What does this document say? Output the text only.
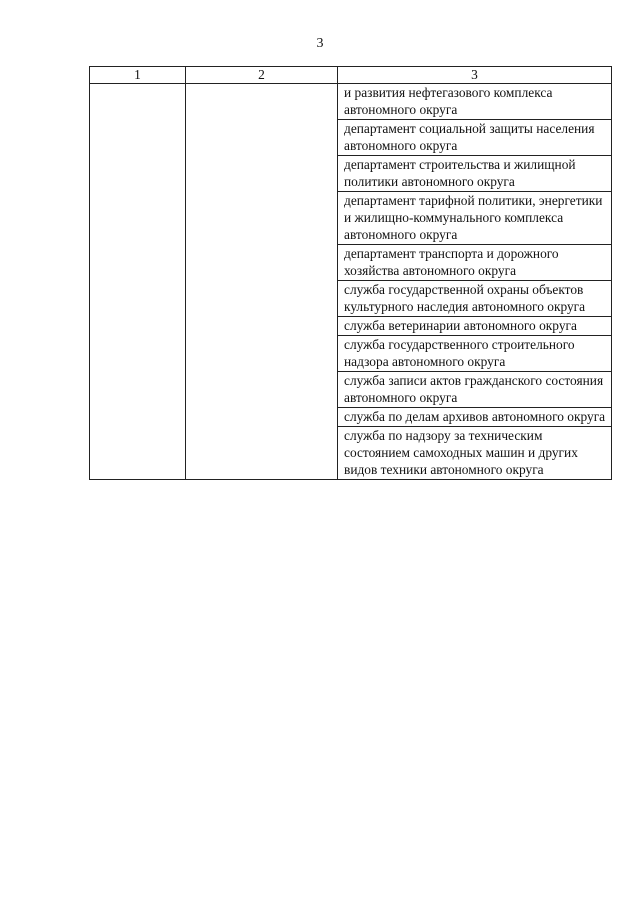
3
1	2	3
		и развития нефтегазового комплекса автономного округа
		департамент социальной защиты населения автономного округа
		департамент строительства и жилищной политики автономного округа
		департамент тарифной политики, энергетики и жилищно-коммунального комплекса автономного округа
		департамент транспорта и дорожного хозяйства автономного округа
		служба государственной охраны объектов культурного наследия автономного округа
		служба ветеринарии автономного округа
		служба государственного строительного надзора автономного округа
		служба записи актов гражданского состояния автономного округа
		служба по делам архивов автономного округа
		служба по надзору за техническим состоянием самоходных машин и других видов техники автономного округа
